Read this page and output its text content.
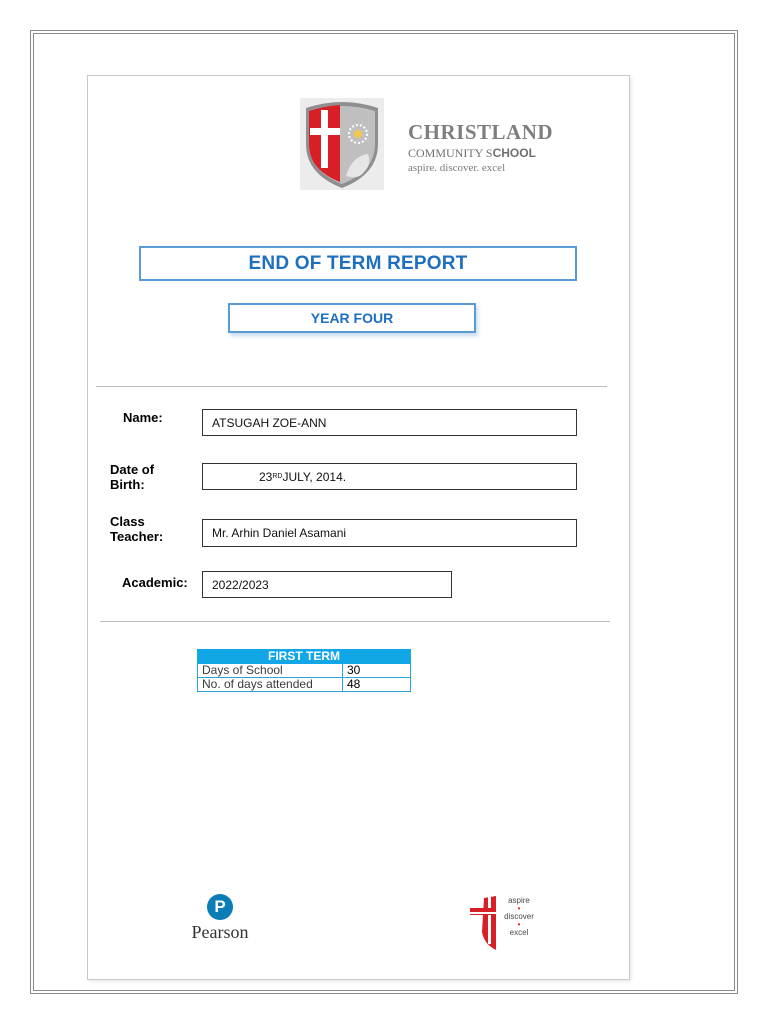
CHRISTLAND
COMMUNITY SCHOOL
aspire. discover. excel
END OF TERM REPORT
YEAR FOUR
Name:	ATSUGAH ZOE-ANN
Date of
Birth:
23 RD JULY, 2014.
Class
Teacher:	Mr. Arhin Daniel Asamani
Academic:	2022/2023
FIRST TERM	
Days of School	30
No. of days attended	48
P
Pearson
aspire
•
discover
•
excel
